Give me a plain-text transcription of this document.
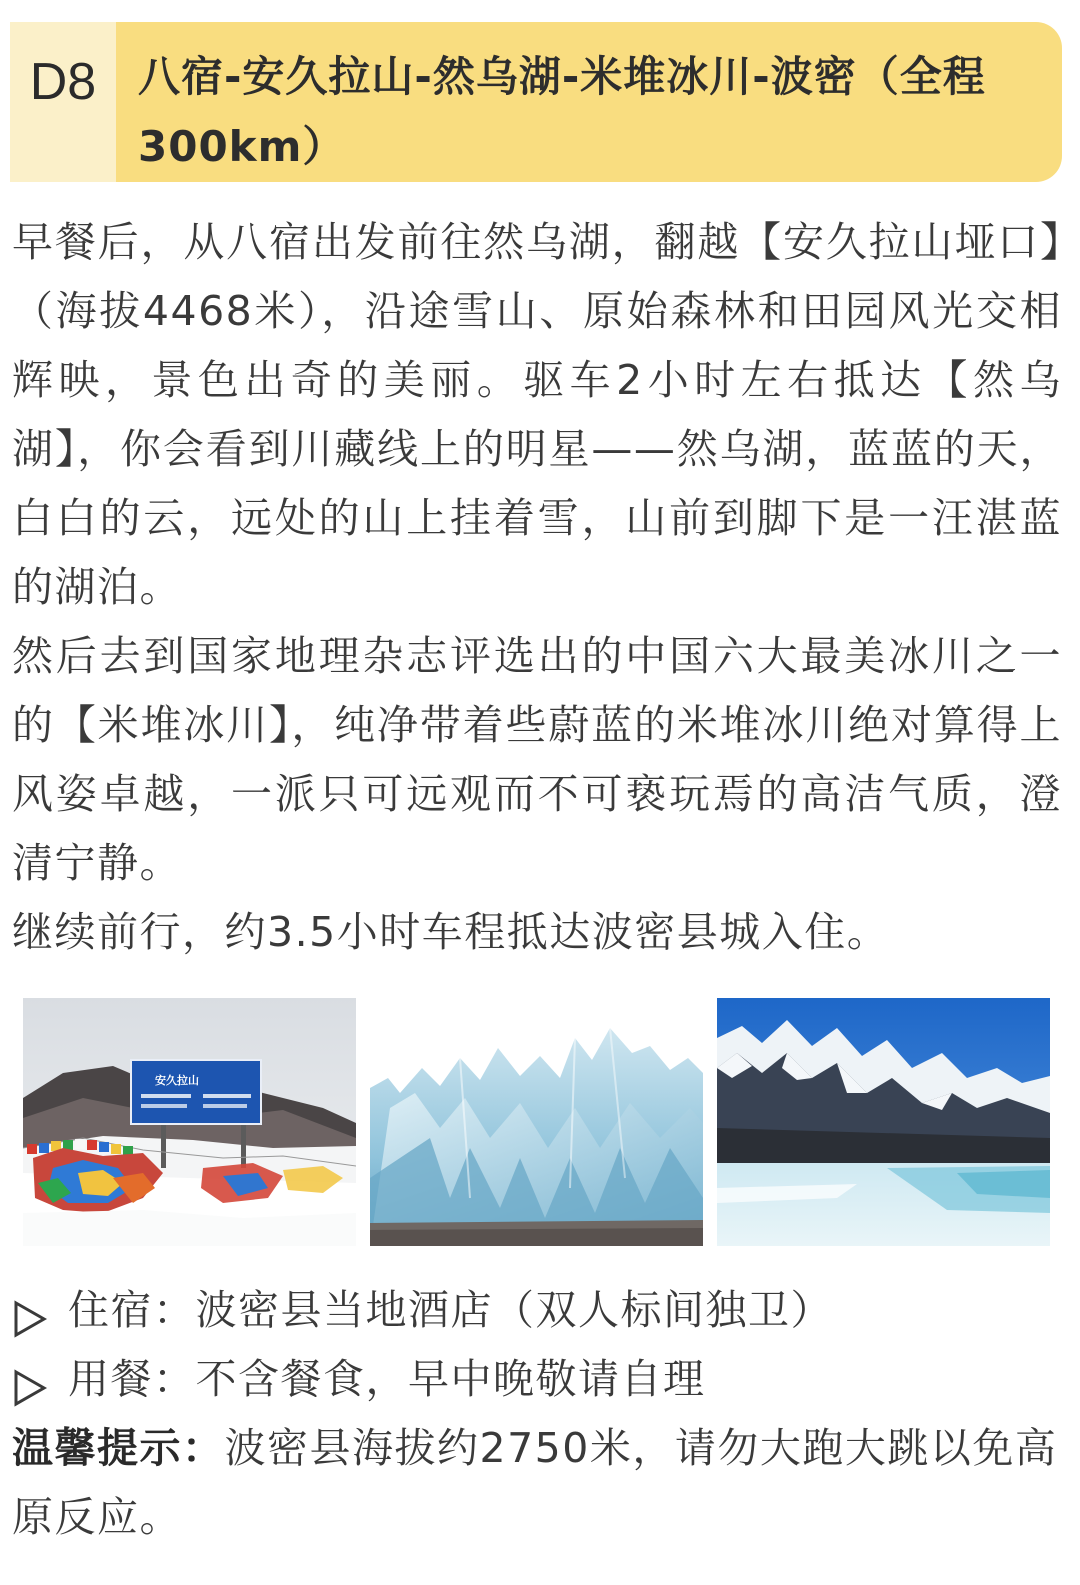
D8 八宿-安久拉山-然乌湖-米堆冰川-波密（全程300km）

早餐后，从八宿出发前往然乌湖，翻越【安久拉山垭口】（海拔4468米），沿途雪山、原始森林和田园风光交相辉映，景色出奇的美丽。驱车2小时左右抵达【然乌湖】，你会看到川藏线上的明星——然乌湖，蓝蓝的天，白白的云，远处的山上挂着雪，山前到脚下是一汪湛蓝的湖泊。

然后去到国家地理杂志评选出的中国六大最美冰川之一的【米堆冰川】，纯净带着些蔚蓝的米堆冰川绝对算得上风姿卓越，一派只可远观而不可亵玩焉的高洁气质，澄清宁静。

继续前行，约3.5小时车程抵达波密县城入住。

安久拉山
住宿：波密县当地酒店（双人标间独卫）
用餐：不含餐食，早中晚敬请自理

温馨提示：波密县海拔约2750米，请勿大跑大跳以免高原反应。
